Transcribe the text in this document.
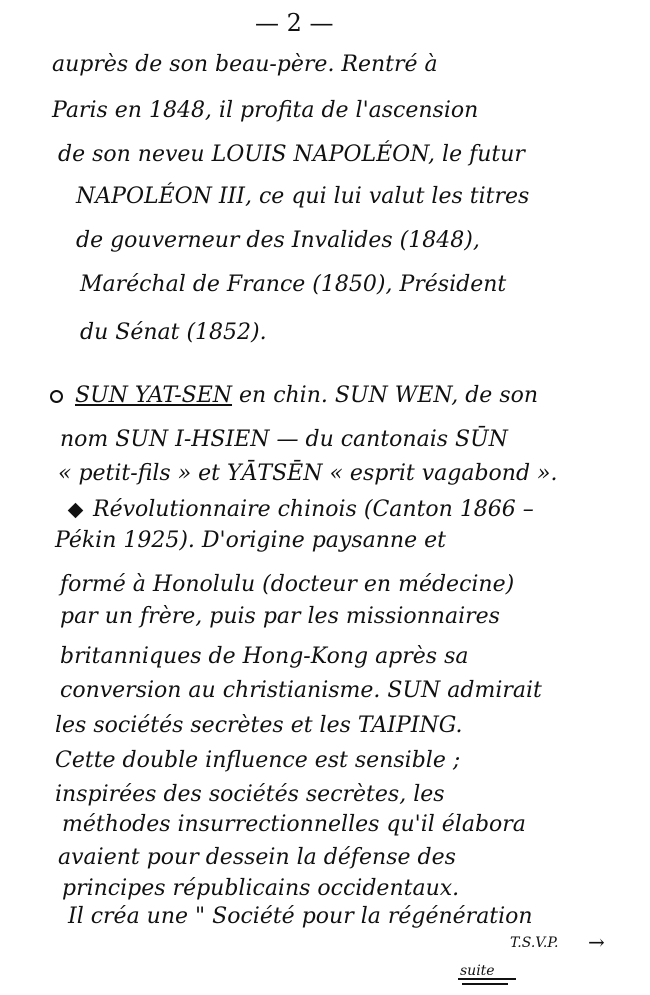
— 2 —
auprès de son beau-père. Rentré à
Paris en 1848, il profita de l'ascension
de son neveu LOUIS NAPOLÉON, le futur
NAPOLÉON III, ce qui lui valut les titres
de gouverneur des Invalides (1848),
Maréchal de France (1850), Président
du Sénat (1852).
SUN YAT-SEN en chin. SUN WEN, de son
nom SUN I-HSIEN — du cantonais SŪN
« petit-fils » et YĀTSĒN « esprit vagabond ».
Révolutionnaire chinois (Canton 1866 –
Pékin 1925). D'origine paysanne et
formé à Honolulu (docteur en médecine)
par un frère, puis par les missionnaires
britanniques de Hong-Kong après sa
conversion au christianisme. SUN admirait
les sociétés secrètes et les TAIPING.
Cette double influence est sensible ;
inspirées des sociétés secrètes, les
méthodes insurrectionnelles qu'il élabora
avaient pour dessein la défense des
principes républicains occidentaux.
Il créa une " Société pour la régénération
T.S.V.P. →
suite
